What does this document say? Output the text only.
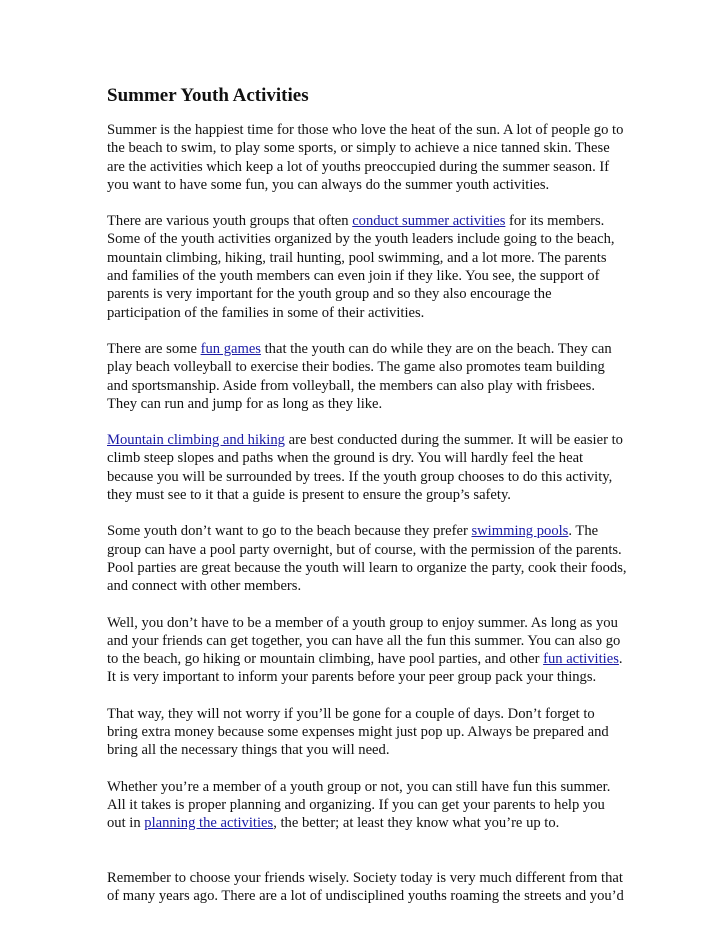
Summer Youth Activities

Summer is the happiest time for those who love the heat of the sun. A lot of people go to the beach to swim, to play some sports, or simply to achieve a nice tanned skin. These are the activities which keep a lot of youths preoccupied during the summer season. If you want to have some fun, you can always do the summer youth activities.

There are various youth groups that often conduct summer activities for its members. Some of the youth activities organized by the youth leaders include going to the beach, mountain climbing, hiking, trail hunting, pool swimming, and a lot more. The parents and families of the youth members can even join if they like. You see, the support of parents is very important for the youth group and so they also encourage the participation of the families in some of their activities.

There are some fun games that the youth can do while they are on the beach. They can play beach volleyball to exercise their bodies. The game also promotes team building and sportsmanship. Aside from volleyball, the members can also play with frisbees. They can run and jump for as long as they like.

Mountain climbing and hiking are best conducted during the summer. It will be easier to climb steep slopes and paths when the ground is dry. You will hardly feel the heat because you will be surrounded by trees. If the youth group chooses to do this activity, they must see to it that a guide is present to ensure the group’s safety.

Some youth don’t want to go to the beach because they prefer swimming pools. The group can have a pool party overnight, but of course, with the permission of the parents. Pool parties are great because the youth will learn to organize the party, cook their foods, and connect with other members.

Well, you don’t have to be a member of a youth group to enjoy summer. As long as you and your friends can get together, you can have all the fun this summer. You can also go to the beach, go hiking or mountain climbing, have pool parties, and other fun activities. It is very important to inform your parents before your peer group pack your things.

That way, they will not worry if you’ll be gone for a couple of days. Don’t forget to bring extra money because some expenses might just pop up. Always be prepared and bring all the necessary things that you will need.

Whether you’re a member of a youth group or not, you can still have fun this summer. All it takes is proper planning and organizing. If you can get your parents to help you out in planning the activities, the better; at least they know what you’re up to.

Remember to choose your friends wisely. Society today is very much different from that of many years ago. There are a lot of undisciplined youths roaming the streets and you’d
